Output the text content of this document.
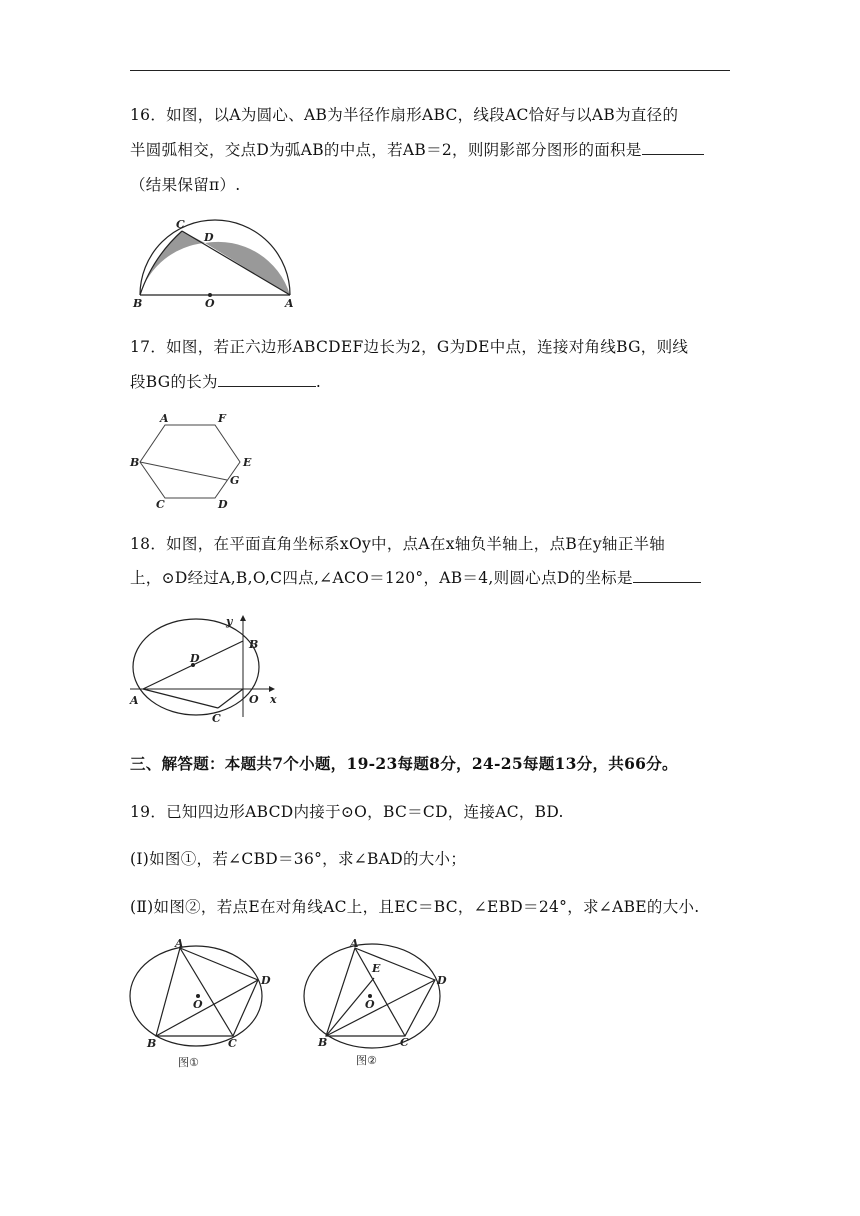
16．如图，以A为圆心、AB为半径作扇形ABC，线段AC恰好与以AB为直径的
半圆弧相交，交点D为弧AB的中点，若AB＝2，则阴影部分图形的面积是
（结果保留π）.
C
D
B	O	A
17．如图，若正六边形ABCDEF边长为2，G为DE中点，连接对角线BG，则线
段BG的长为	.
A	F
B	E
G
C	D
18．如图，在平面直角坐标系xOy中，点A在x轴负半轴上，点B在y轴正半轴
上，⊙D经过A,B,O,C四点,∠ACO＝120°，AB＝4,则圆心点D的坐标是
y
B
D
A	O x
C
三、解答题：本题共7个小题，19-23每题8分，24-25每题13分，共66分。
19．已知四边形ABCD内接于⊙O，BC＝CD，连接AC，BD.
(Ⅰ)如图①，若∠CBD＝36°，求∠BAD的大小；
(Ⅱ)如图②，若点E在对角线AC上，且EC＝BC，∠EBD＝24°，求∠ABE的大小.
A
D
O
B	C
图①
A
E
D
O
B	C
图②
